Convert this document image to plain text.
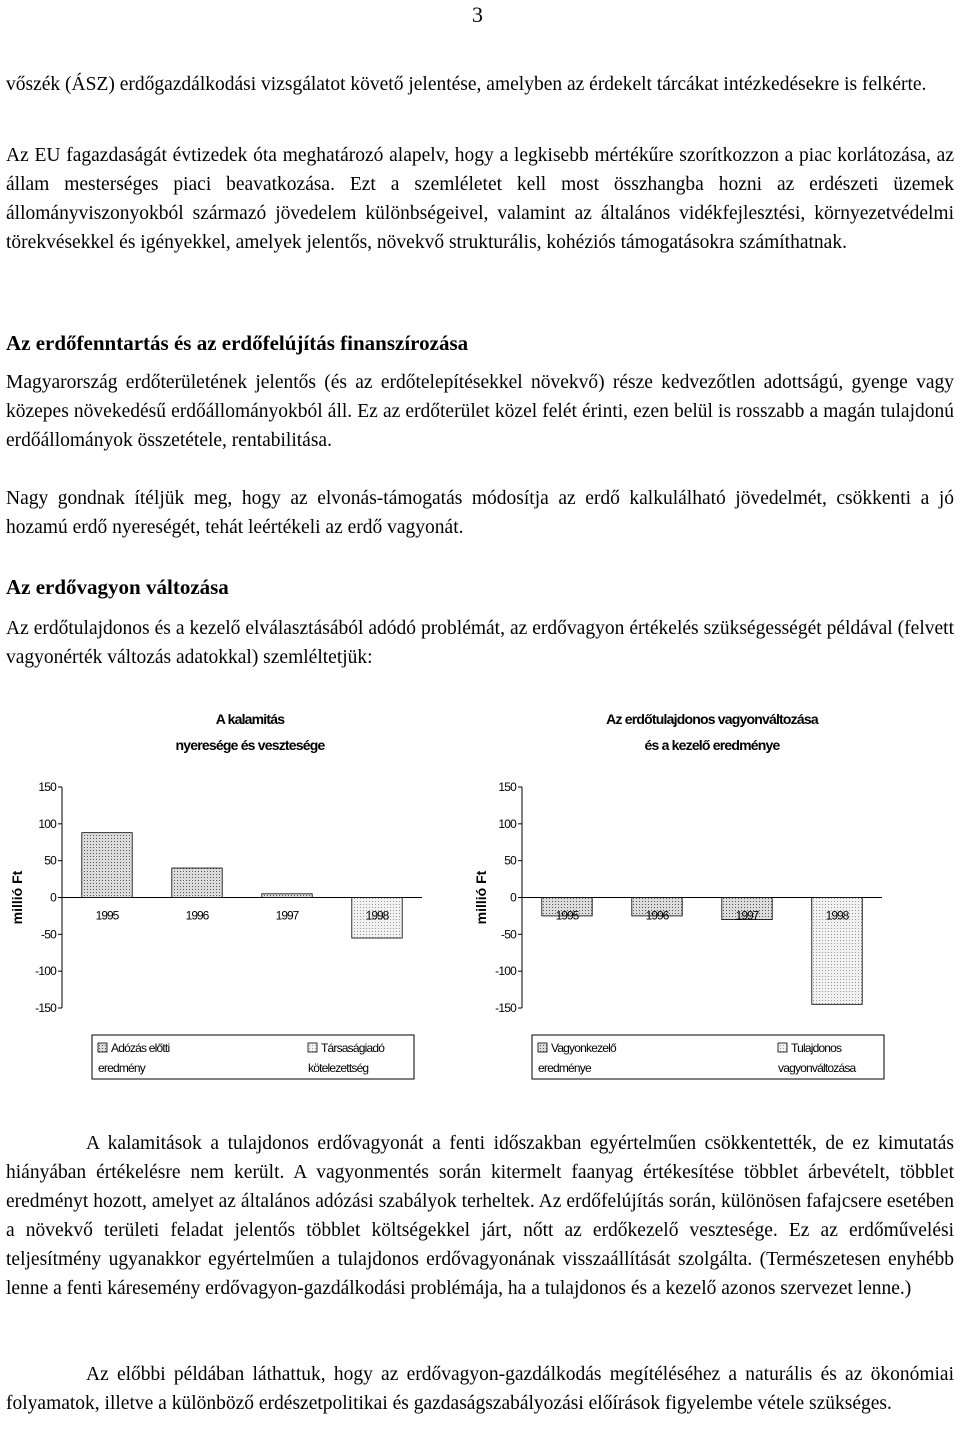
3

vőszék (ÁSZ) erdőgazdálkodási vizsgálatot követő jelentése, amelyben az érdekelt tárcákat intézkedésekre is felkérte.

Az EU fagazdaságát évtizedek óta meghatározó alapelv, hogy a legkisebb mértékűre szorítkozzon a piac korlátozása, az állam mesterséges piaci beavatkozása. Ezt a szemléletet kell most összhangba hozni az erdészeti üzemek állományviszonyokból származó jövedelem különbségeivel, valamint az általános vidékfejlesztési, környezetvédelmi törekvésekkel és igényekkel, amelyek jelentős, növekvő strukturális, kohéziós támogatásokra számíthatnak.

Az erdőfenntartás és az erdőfelújítás finanszírozása

Magyarország erdőterületének jelentős (és az erdőtelepítésekkel növekvő) része kedvezőtlen adottságú, gyenge vagy közepes növekedésű erdőállományokból áll. Ez az erdőterület közel felét érinti, ezen belül is rosszabb a magán tulajdonú erdőállományok összetétele, rentabilitása.

Nagy gondnak ítéljük meg, hogy az elvonás-támogatás módosítja az erdő kalkulálható jövedelmét, csökkenti a jó hozamú erdő nyereségét, tehát leértékeli az erdő vagyonát.

Az erdővagyon változása

Az erdőtulajdonos és a kezelő elválasztásából adódó problémát, az erdővagyon értékelés szükségességét példával (felvett vagyonérték változás adatokkal) szemléltetjük:

A kalamitás
nyeresége és vesztesége
millió Ft
150
100
50
0
-50
-100
-150
1995	1996	1997	1998
Adózás előtti
eredmény
Társaságiadó
kötelezettség
Az erdőtulajdonos vagyonváltozása
és a kezelő eredménye
millió Ft
150
100
50
0
-50
-100
-150
1995	1996	1997	1998
Vagyonkezelő
eredménye
Tulajdonos
vagyonváltozása

A kalamitások a tulajdonos erdővagyonát a fenti időszakban egyértelműen csökkentették, de ez kimutatás hiányában értékelésre nem került. A vagyonmentés során kitermelt faanyag értékesítése többlet árbevételt, többlet eredményt hozott, amelyet az általános adózási szabályok terheltek. Az erdőfelújítás során, különösen fafajcsere esetében a növekvő területi feladat jelentős többlet költségekkel járt, nőtt az erdőkezelő vesztesége. Ez az erdőművelési teljesítmény ugyanakkor egyértelműen a tulajdonos erdővagyonának visszaállítását szolgálta. (Természetesen enyhébb lenne a fenti káresemény erdővagyon-gazdálkodási problémája, ha a tulajdonos és a kezelő azonos szervezet lenne.)

Az előbbi példában láthattuk, hogy az erdővagyon-gazdálkodás megítéléséhez a naturális és az ökonómiai folyamatok, illetve a különböző erdészetpolitikai és gazdaságszabályozási előírások figyelembe vétele szükséges.
